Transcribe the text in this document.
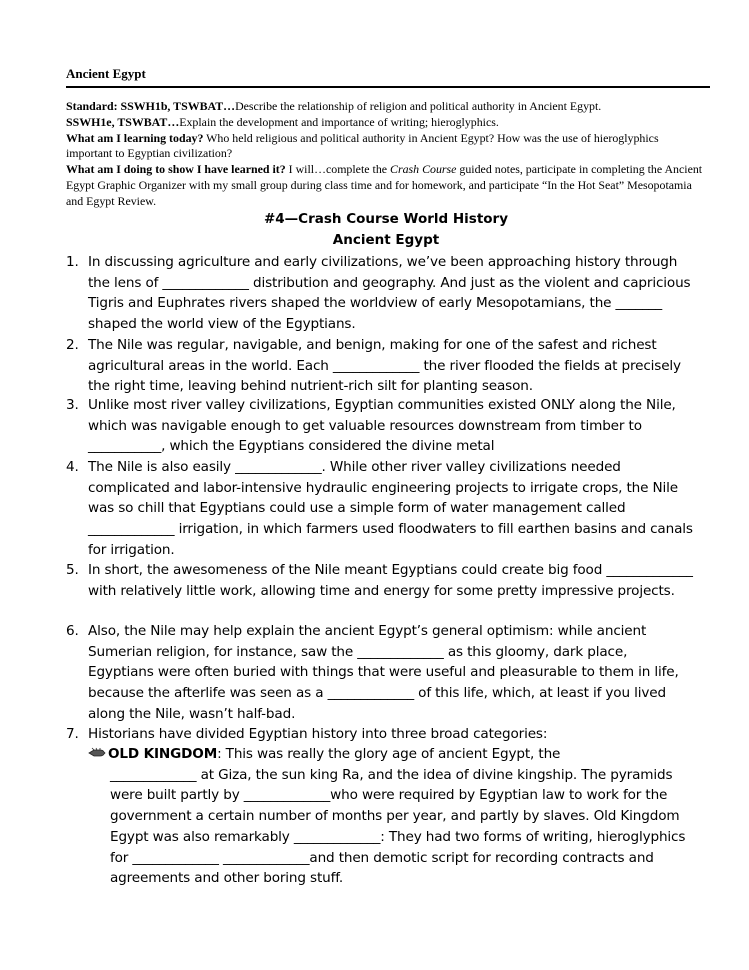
Ancient Egypt
Standard: SSWH1b, TSWBAT…Describe the relationship of religion and political authority in Ancient Egypt.
SSWH1e, TSWBAT…Explain the development and importance of writing; hieroglyphics.
What am I learning today? Who held religious and political authority in Ancient Egypt? How was the use of hieroglyphics important to Egyptian civilization?
What am I doing to show I have learned it? I will…complete the Crash Course guided notes, participate in completing the Ancient Egypt Graphic Organizer with my small group during class time and for homework, and participate “In the Hot Seat” Mesopotamia and Egypt Review.
#4—Crash Course World History
Ancient Egypt
1. In discussing agriculture and early civilizations, we’ve been approaching history through the lens of _____________ distribution and geography. And just as the violent and capricious Tigris and Euphrates rivers shaped the worldview of early Mesopotamians, the _______ shaped the world view of the Egyptians.
2. The Nile was regular, navigable, and benign, making for one of the safest and richest agricultural areas in the world. Each _____________ the river flooded the fields at precisely the right time, leaving behind nutrient-rich silt for planting season.
3. Unlike most river valley civilizations, Egyptian communities existed ONLY along the Nile, which was navigable enough to get valuable resources downstream from timber to ___________, which the Egyptians considered the divine metal
4. The Nile is also easily _____________. While other river valley civilizations needed complicated and labor-intensive hydraulic engineering projects to irrigate crops, the Nile was so chill that Egyptians could use a simple form of water management called _____________ irrigation, in which farmers used floodwaters to fill earthen basins and canals for irrigation.
5. In short, the awesomeness of the Nile meant Egyptians could create big food _____________ with relatively little work, allowing time and energy for some pretty impressive projects.
6. Also, the Nile may help explain the ancient Egypt’s general optimism: while ancient Sumerian religion, for instance, saw the _____________ as this gloomy, dark place, Egyptians were often buried with things that were useful and pleasurable to them in life, because the afterlife was seen as a _____________ of this life, which, at least if you lived along the Nile, wasn’t half-bad.
7. Historians have divided Egyptian history into three broad categories:
OLD KINGDOM: This was really the glory age of ancient Egypt, the
_____________ at Giza, the sun king Ra, and the idea of divine kingship. The pyramids were built partly by _____________who were required by Egyptian law to work for the government a certain number of months per year, and partly by slaves. Old Kingdom Egypt was also remarkably _____________: They had two forms of writing, hieroglyphics for _____________ _____________and then demotic script for recording contracts and agreements and other boring stuff.
